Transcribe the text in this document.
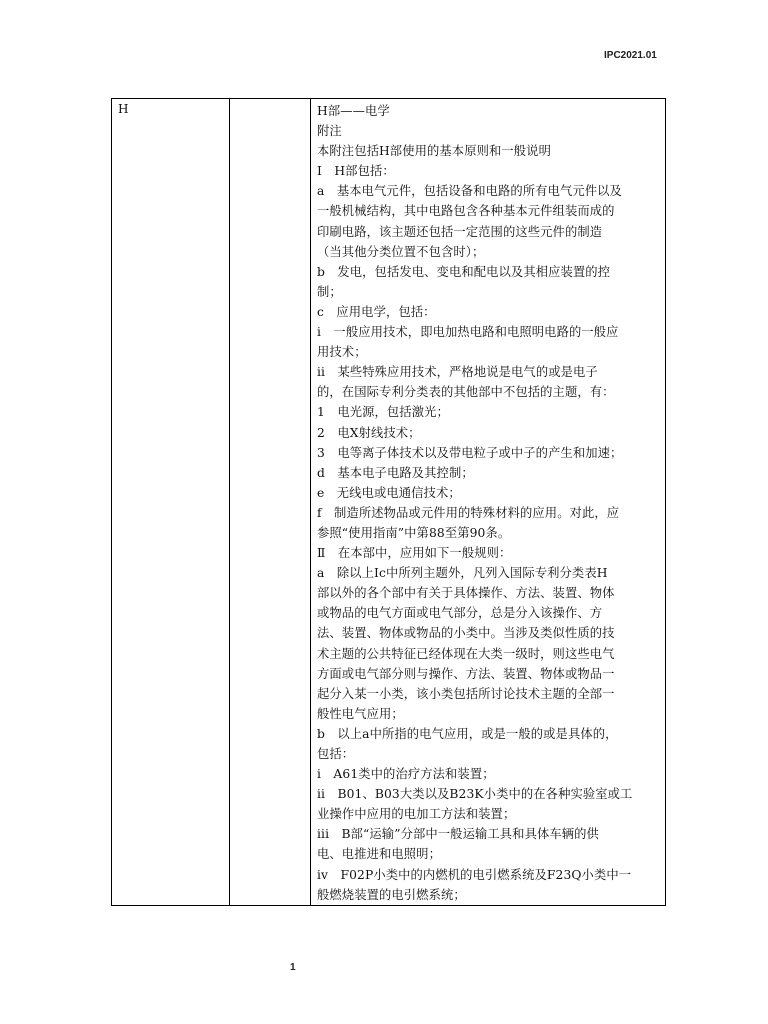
IPC2021.01
H	H部——电学
附注
本附注包括H部使用的基本原则和一般说明
Ⅰ　H部包括：
a　基本电气元件，包括设备和电路的所有电气元件以及
一般机械结构，其中电路包含各种基本元件组装而成的
印刷电路，该主题还包括一定范围的这些元件的制造
（当其他分类位置不包含时）；
b　发电，包括发电、变电和配电以及其相应装置的控
制；
c　应用电学，包括：
i　一般应用技术，即电加热电路和电照明电路的一般应
用技术；
ii　某些特殊应用技术，严格地说是电气的或是电子
的，在国际专利分类表的其他部中不包括的主题，有：
1　电光源，包括激光；
2　电X射线技术；
3　电等离子体技术以及带电粒子或中子的产生和加速；
d　基本电子电路及其控制；
e　无线电或电通信技术；
f　制造所述物品或元件用的特殊材料的应用。对此，应
参照“使用指南”中第88至第90条。
Ⅱ　在本部中，应用如下一般规则：
a　除以上Ⅰc中所列主题外，凡列入国际专利分类表H
部以外的各个部中有关于具体操作、方法、装置、物体
或物品的电气方面或电气部分，总是分入该操作、方
法、装置、物体或物品的小类中。当涉及类似性质的技
术主题的公共特征已经体现在大类一级时，则这些电气
方面或电气部分则与操作、方法、装置、物体或物品一
起分入某一小类，该小类包括所讨论技术主题的全部一
般性电气应用；
b　以上a中所指的电气应用，或是一般的或是具体的，
包括：
i　A61类中的治疗方法和装置；
ii　B01、B03大类以及B23K小类中的在各种实验室或工
业操作中应用的电加工方法和装置；
iii　B部“运输”分部中一般运输工具和具体车辆的供
电、电推进和电照明；
iv　F02P小类中的内燃机的电引燃系统及F23Q小类中一
般燃烧装置的电引燃系统；
1
